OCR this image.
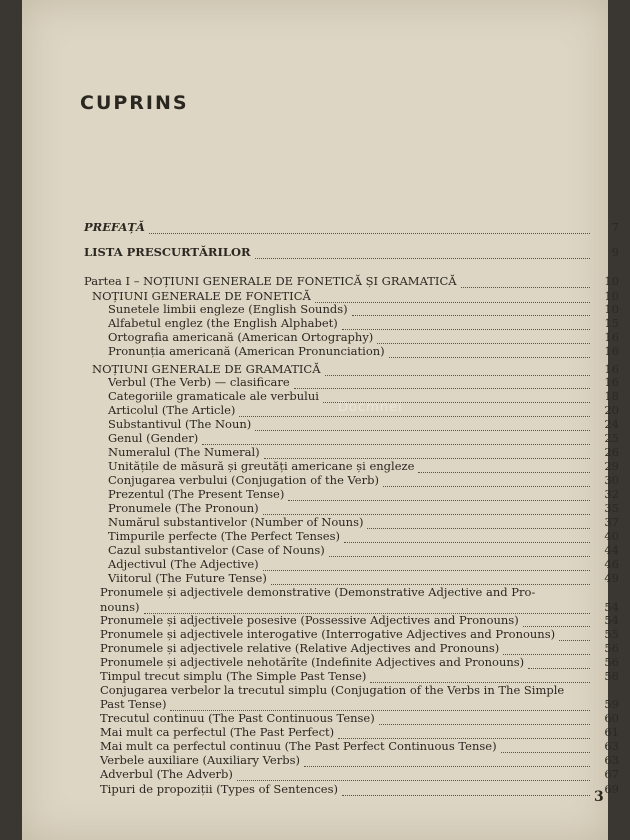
CUPRINS
Docmnei
PREFAȚĂ	7
LISTA PRESCURTĂRILOR	9
Partea I – NOȚIUNI GENERALE DE FONETICĂ ȘI GRAMATICĂ	10
NOȚIUNI GENERALE DE FONETICĂ	10
Sunetele limbii engleze (English Sounds)	10
Alfabetul englez (the English Alphabet)	15
Ortografia americană (American Ortography)	16
Pronunția americană (American Pronunciation)	16
NOȚIUNI GENERALE DE GRAMATICĂ	16
Verbul (The Verb) — clasificare	16
Categoriile gramaticale ale verbului	18
Articolul (The Article)	20
Substantivul (The Noun)	24
Genul (Gender)	25
Numeralul (The Numeral)	26
Unitățile de măsură și greutăți americane și engleze	29
Conjugarea verbului (Conjugation of the Verb)	30
Prezentul (The Present Tense)	32
Pronumele (The Pronoun)	35
Numărul substantivelor (Number of Nouns)	37
Timpurile perfecte (The Perfect Tenses)	40
Cazul substantivelor (Case of Nouns)	44
Adjectivul (The Adjective)	46
Viitorul (The Future Tense)	49
Pronumele și adjectivele demonstrative (Demonstrative Adjective and Pro-
nouns)	54
Pronumele și adjectivele posesive (Possessive Adjectives and Pronouns)	54
Pronumele și adjectivele interogative (Interrogative Adjectives and Pronouns)	55
Pronumele și adjectivele relative (Relative Adjectives and Pronouns)	56
Pronumele și adjectivele nehotărîte (Indefinite Adjectives and Pronouns)	56
Timpul trecut simplu (The Simple Past Tense)	58
Conjugarea verbelor la trecutul simplu (Conjugation of the Verbs in The Simple
Past Tense)	59
Trecutul continuu (The Past Continuous Tense)	60
Mai mult ca perfectul (The Past Perfect)	61
Mai mult ca perfectul continuu (The Past Perfect Continuous Tense)	63
Verbele auxiliare (Auxiliary Verbs)	63
Adverbul (The Adverb)	67
Tipuri de propoziții (Types of Sentences)	69
3
